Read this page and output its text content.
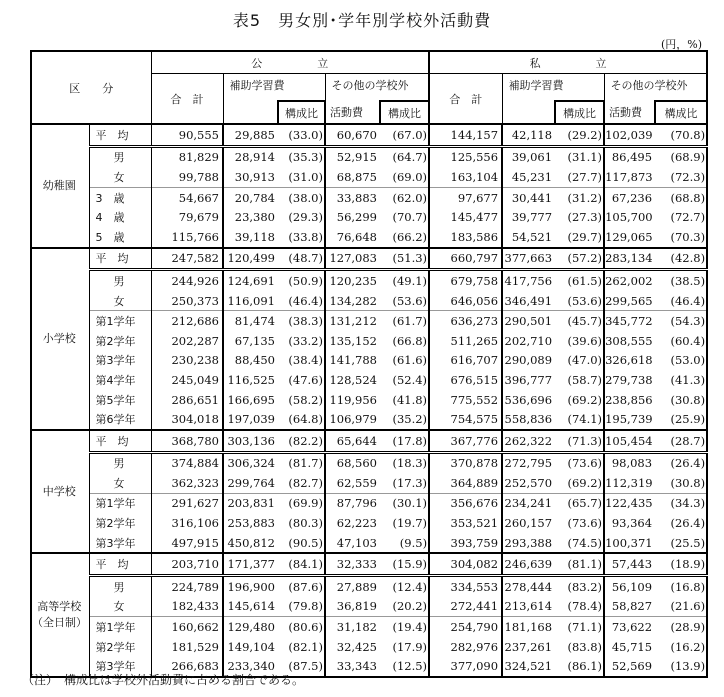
表5　男女別･学年別学校外活動費
(円，%)
区　　分		公　　　　　立					私　　　　　立				
		合　計	補助学習費		その他の学校外		合　計	補助学習費		その他の学校外	
				構成比	活動費	構成比			構成比	活動費	構成比

幼稚園	平　均	90,555	29,885	(33.0)	60,670	(67.0)	144,157	42,118	(29.2)	102,039	(70.8)
	男	81,829	28,914	(35.3)	52,915	(64.7)	125,556	39,061	(31.1)	86,495	(68.9)
	女	99,788	30,913	(31.0)	68,875	(69.0)	163,104	45,231	(27.7)	117,873	(72.3)
	3　歳	54,667	20,784	(38.0)	33,883	(62.0)	97,677	30,441	(31.2)	67,236	(68.8)
	4　歳	79,679	23,380	(29.3)	56,299	(70.7)	145,477	39,777	(27.3)	105,700	(72.7)
	5　歳	115,766	39,118	(33.8)	76,648	(66.2)	183,586	54,521	(29.7)	129,065	(70.3)

小学校	平　均	247,582	120,499	(48.7)	127,083	(51.3)	660,797	377,663	(57.2)	283,134	(42.8)
	男	244,926	124,691	(50.9)	120,235	(49.1)	679,758	417,756	(61.5)	262,002	(38.5)
	女	250,373	116,091	(46.4)	134,282	(53.6)	646,056	346,491	(53.6)	299,565	(46.4)
	第1学年	212,686	81,474	(38.3)	131,212	(61.7)	636,273	290,501	(45.7)	345,772	(54.3)
	第2学年	202,287	67,135	(33.2)	135,152	(66.8)	511,265	202,710	(39.6)	308,555	(60.4)
	第3学年	230,238	88,450	(38.4)	141,788	(61.6)	616,707	290,089	(47.0)	326,618	(53.0)
	第4学年	245,049	116,525	(47.6)	128,524	(52.4)	676,515	396,777	(58.7)	279,738	(41.3)
	第5学年	286,651	166,695	(58.2)	119,956	(41.8)	775,552	536,696	(69.2)	238,856	(30.8)
	第6学年	304,018	197,039	(64.8)	106,979	(35.2)	754,575	558,836	(74.1)	195,739	(25.9)

中学校	平　均	368,780	303,136	(82.2)	65,644	(17.8)	367,776	262,322	(71.3)	105,454	(28.7)
	男	374,884	306,324	(81.7)	68,560	(18.3)	370,878	272,795	(73.6)	98,083	(26.4)
	女	362,323	299,764	(82.7)	62,559	(17.3)	364,889	252,570	(69.2)	112,319	(30.8)
	第1学年	291,627	203,831	(69.9)	87,796	(30.1)	356,676	234,241	(65.7)	122,435	(34.3)
	第2学年	316,106	253,883	(80.3)	62,223	(19.7)	353,521	260,157	(73.6)	93,364	(26.4)
	第3学年	497,915	450,812	(90.5)	47,103	(9.5)	393,759	293,388	(74.5)	100,371	(25.5)

高等学校
（全日制）	平　均	203,710	171,377	(84.1)	32,333	(15.9)	304,082	246,639	(81.1)	57,443	(18.9)
	男	224,789	196,900	(87.6)	27,889	(12.4)	334,553	278,444	(83.2)	56,109	(16.8)
	女	182,433	145,614	(79.8)	36,819	(20.2)	272,441	213,614	(78.4)	58,827	(21.6)
	第1学年	160,662	129,480	(80.6)	31,182	(19.4)	254,790	181,168	(71.1)	73,622	(28.9)
	第2学年	181,529	149,104	(82.1)	32,425	(17.9)	282,976	237,261	(83.8)	45,715	(16.2)
	第3学年	266,683	233,340	(87.5)	33,343	(12.5)	377,090	324,521	(86.1)	52,569	(13.9)
（注）　構成比は学校外活動費に占める割合である。
